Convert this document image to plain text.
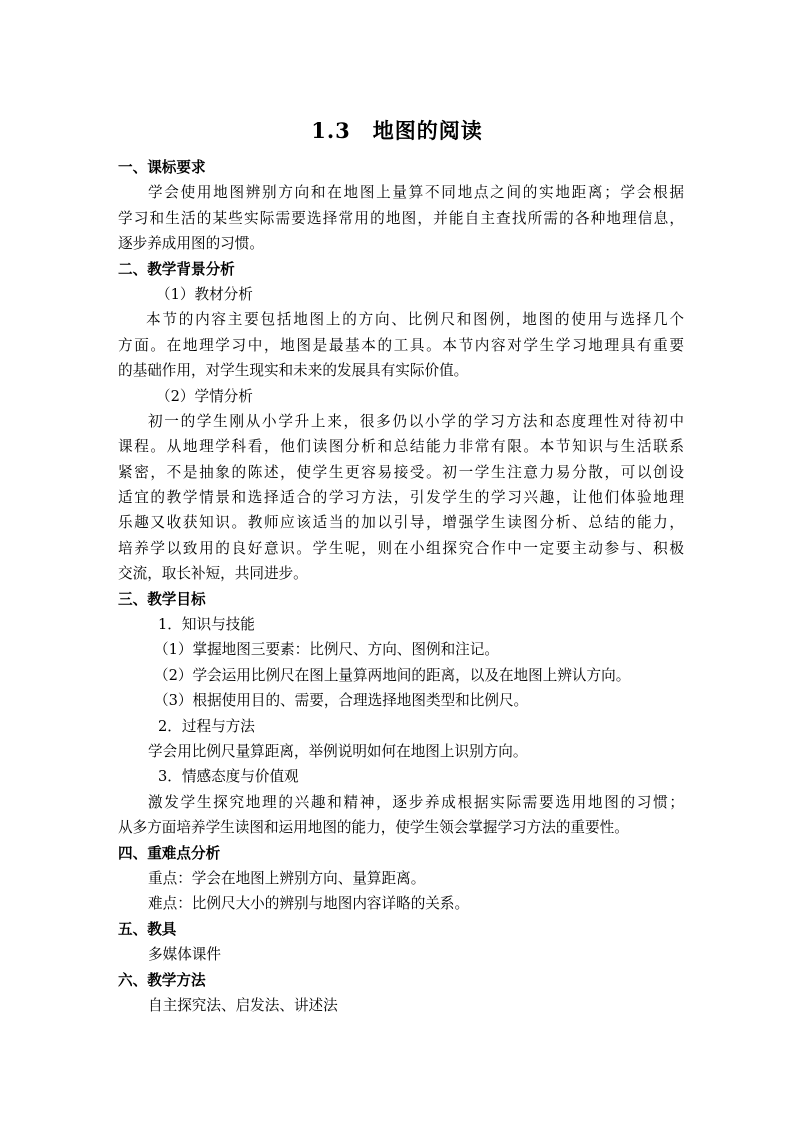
1.3　地图的阅读
一、课标要求
学会使用地图辨别方向和在地图上量算不同地点之间的实地距离；学会根据
学习和生活的某些实际需要选择常用的地图，并能自主查找所需的各种地理信息，
逐步养成用图的习惯。
二、教学背景分析
（1）教材分析
本节的内容主要包括地图上的方向、比例尺和图例，地图的使用与选择几个
方面。在地理学习中，地图是最基本的工具。本节内容对学生学习地理具有重要
的基础作用，对学生现实和未来的发展具有实际价值。
（2）学情分析
初一的学生刚从小学升上来，很多仍以小学的学习方法和态度理性对待初中
课程。从地理学科看，他们读图分析和总结能力非常有限。本节知识与生活联系
紧密，不是抽象的陈述，使学生更容易接受。初一学生注意力易分散，可以创设
适宜的教学情景和选择适合的学习方法，引发学生的学习兴趣，让他们体验地理
乐趣又收获知识。教师应该适当的加以引导，增强学生读图分析、总结的能力，
培养学以致用的良好意识。学生呢，则在小组探究合作中一定要主动参与、积极
交流，取长补短，共同进步。
三、教学目标
1．知识与技能
（1）掌握地图三要素：比例尺、方向、图例和注记。
（2）学会运用比例尺在图上量算两地间的距离，以及在地图上辨认方向。
（3）根据使用目的、需要，合理选择地图类型和比例尺。
2．过程与方法
学会用比例尺量算距离，举例说明如何在地图上识别方向。
3．情感态度与价值观
激发学生探究地理的兴趣和精神，逐步养成根据实际需要选用地图的习惯；
从多方面培养学生读图和运用地图的能力，使学生领会掌握学习方法的重要性。
四、重难点分析
重点：学会在地图上辨别方向、量算距离。
难点：比例尺大小的辨别与地图内容详略的关系。
五、教具
多媒体课件
六、教学方法
自主探究法、启发法、讲述法
